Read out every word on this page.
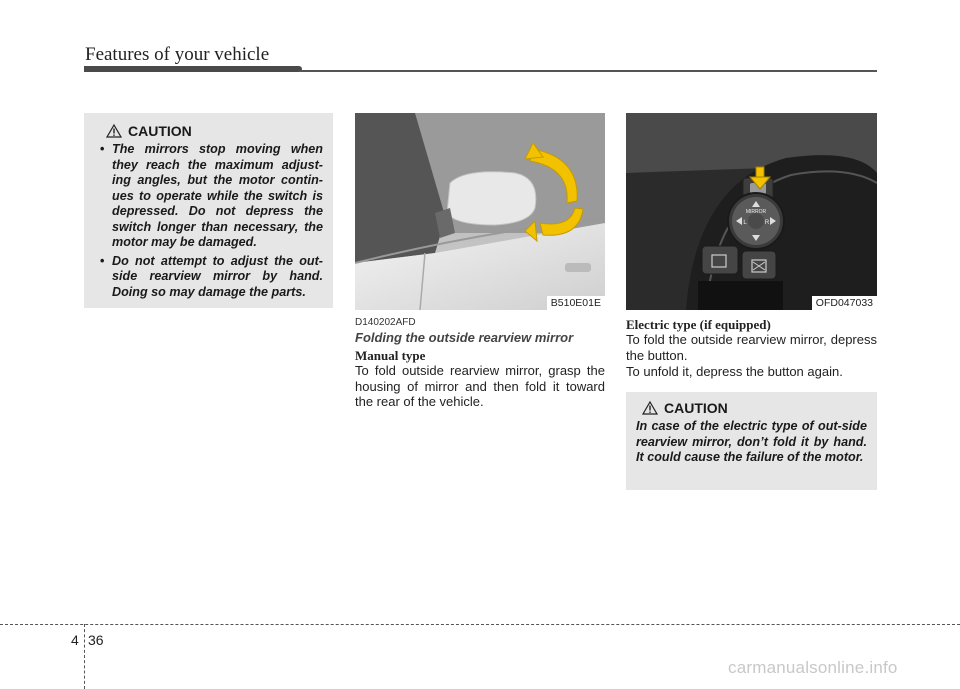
Features of your vehicle
CAUTION
• The mirrors stop moving when they reach the maximum adjust-ing angles, but the motor contin-ues to operate while the switch is depressed. Do not depress the switch longer than necessary, the motor may be damaged.
• Do not attempt to adjust the out-side rearview mirror by hand. Doing so may damage the parts.
B510E01E
MIRROR
L	R
OFD047033
D140202AFD
Folding the outside rearview mirror
Manual type
To fold outside rearview mirror, grasp the housing of mirror and then fold it toward the rear of the vehicle.
Electric type (if equipped)
To fold the outside rearview mirror, depress the button.
To unfold it, depress the button again.
CAUTION
In case of the electric type of out-side rearview mirror, don’t fold it by hand. It could cause the failure of the motor.
4 36
carmanualsonline.info
